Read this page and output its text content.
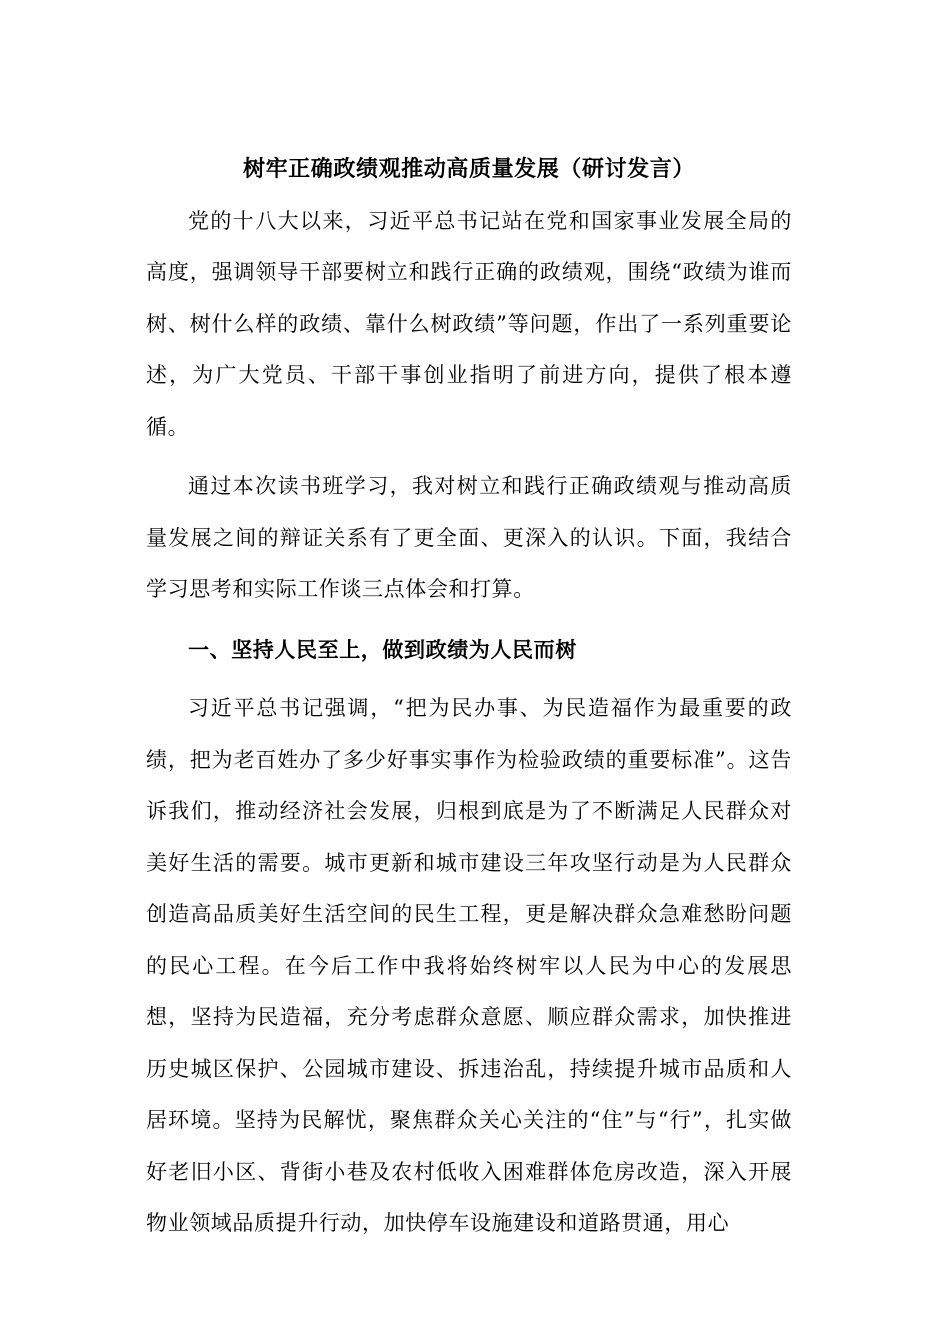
树牢正确政绩观推动高质量发展（研讨发言）

党的十八大以来，习近平总书记站在党和国家事业发展全局的高度，强调领导干部要树立和践行正确的政绩观，围绕“政绩为谁而树、树什么样的政绩、靠什么树政绩”等问题，作出了一系列重要论述，为广大党员、干部干事创业指明了前进方向，提供了根本遵循。

通过本次读书班学习，我对树立和践行正确政绩观与推动高质量发展之间的辩证关系有了更全面、更深入的认识。下面，我结合学习思考和实际工作谈三点体会和打算。

一、坚持人民至上，做到政绩为人民而树

习近平总书记强调，“把为民办事、为民造福作为最重要的政绩，把为老百姓办了多少好事实事作为检验政绩的重要标准”。这告诉我们，推动经济社会发展，归根到底是为了不断满足人民群众对美好生活的需要。城市更新和城市建设三年攻坚行动是为人民群众创造高品质美好生活空间的民生工程，更是解决群众急难愁盼问题的民心工程。在今后工作中我将始终树牢以人民为中心的发展思想，坚持为民造福，充分考虑群众意愿、顺应群众需求，加快推进历史城区保护、公园城市建设、拆违治乱，持续提升城市品质和人居环境。坚持为民解忧，聚焦群众关心关注的“住”与“行”，扎实做好老旧小区、背街小巷及农村低收入困难群体危房改造，深入开展物业领域品质提升行动，加快停车设施建设和道路贯通，用心
